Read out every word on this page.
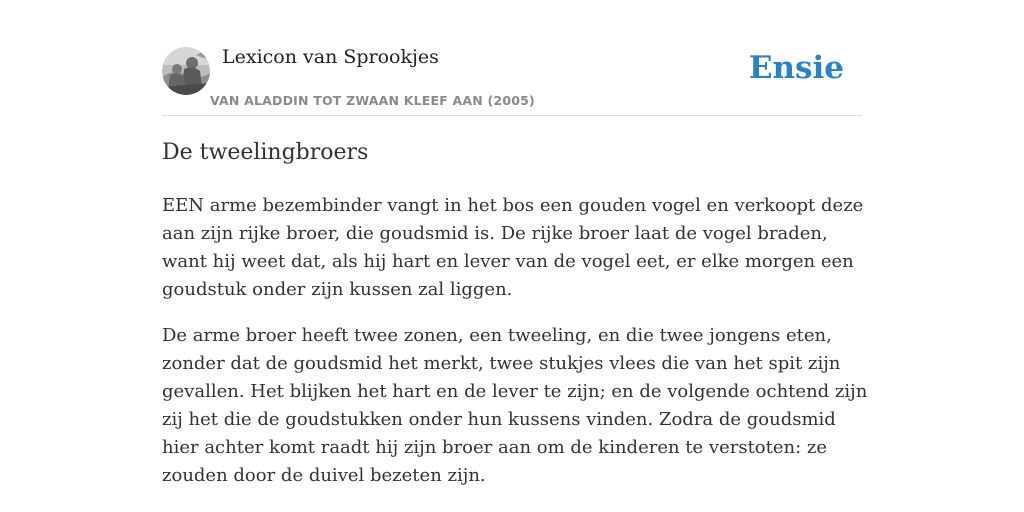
Lexicon van Sprookjes
VAN ALADDIN TOT ZWAAN KLEEF AAN (2005)
Ensie
De tweelingbroers

EEN arme bezembinder vangt in het bos een gouden vogel en verkoopt deze aan zijn rijke broer, die goudsmid is. De rijke broer laat de vogel braden, want hij weet dat, als hij hart en lever van de vogel eet, er elke morgen een goudstuk onder zijn kussen zal liggen.

De arme broer heeft twee zonen, een tweeling, en die twee jongens eten, zonder dat de goudsmid het merkt, twee stukjes vlees die van het spit zijn gevallen. Het blijken het hart en de lever te zijn; en de volgende ochtend zijn zij het die de goudstukken onder hun kussens vinden. Zodra de goudsmid hier achter komt raadt hij zijn broer aan om de kinderen te verstoten: ze zouden door de duivel bezeten zijn.
